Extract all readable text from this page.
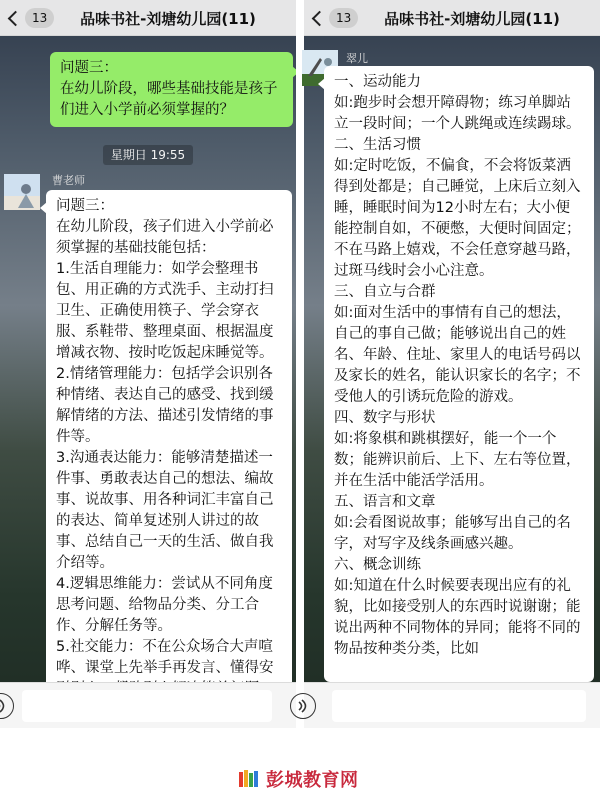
13	品味书社-刘塘幼儿园(11)
问题三：
在幼儿阶段，哪些基础技能是孩子们进入小学前必须掌握的？
星期日 19:55
曹老师
问题三：
在幼儿阶段，孩子们进入小学前必须掌握的基础技能包括：
1.生活自理能力：如学会整理书包、用正确的方式洗手、主动打扫卫生、正确使用筷子、学会穿衣服、系鞋带、整理桌面、根据温度增减衣物、按时吃饭起床睡觉等。
2.情绪管理能力：包括学会识别各种情绪、表达自己的感受、找到缓解情绪的方法、描述引发情绪的事件等。
3.沟通表达能力：能够清楚描述一件事、勇敢表达自己的想法、编故事、说故事、用各种词汇丰富自己的表达、简单复述别人讲过的故事、总结自己一天的生活、做自我介绍等。
4.逻辑思维能力：尝试从不同角度思考问题、给物品分类、分工合作、分解任务等。
5.社交能力：不在公众场合大声喧哗、课堂上先举手再发言、懂得安
13	品味书社-刘塘幼儿园(11)
翠儿
一、运动能力
如:跑步时会想开障碍物；练习单脚站立一段时间；一个人跳绳或连续踢球。
二、生活习惯
如:定时吃饭，不偏食，不会将饭菜洒得到处都是；自己睡觉，上床后立刻入睡，睡眠时间为12小时左右；大小便能控制自如，不硬憋，大便时间固定；不在马路上嬉戏，不会任意穿越马路，过斑马线时会小心注意。
三、自立与合群
如:面对生活中的事情有自己的想法，自己的事自己做；能够说出自己的姓名、年龄、住址、家里人的电话号码以及家长的姓名，能认识家长的名字；不受他人的引诱玩危险的游戏。
四、数字与形状
如:将象棋和跳棋摆好，能一个一个数；能辨识前后、上下、左右等位置，并在生活中能活学活用。
五、语言和文章
如:会看图说故事；能够写出自己的名字，对写字及线条画感兴趣。
六、概念训练
如:知道在什么时候要表现出应有的礼貌，比如接受别人的东西时说谢谢；能说出两种不同物体的异同；能将不同的物品按种类分类，比如
彭城教育网
